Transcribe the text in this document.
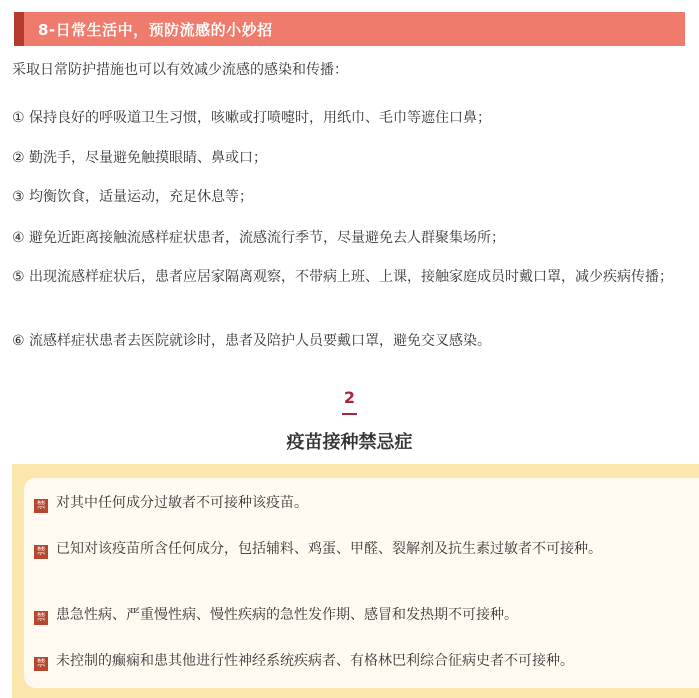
8-日常生活中，预防流感的小妙招

采取日常防护措施也可以有效减少流感的感染和传播：

① 保持良好的呼吸道卫生习惯，咳嗽或打喷嚏时，用纸巾、毛巾等遮住口鼻；

② 勤洗手，尽量避免触摸眼睛、鼻或口；

③ 均衡饮食，适量运动，充足休息等；

④ 避免近距离接触流感样症状患者，流感流行季节，尽量避免去人群聚集场所；

⑤ 出现流感样症状后，患者应居家隔离观察，不带病上班、上课，接触家庭成员时戴口罩，减少疾病传播；

⑥ 流感样症状患者去医院就诊时，患者及陪护人员要戴口罩，避免交叉感染。

2
疫苗接种禁忌症

禁 对其中任何成分过敏者不可接种该疫苗。

禁 已知对该疫苗所含任何成分，包括辅料、鸡蛋、甲醛、裂解剂及抗生素过敏者不可接种。

禁 患急性病、严重慢性病、慢性疾病的急性发作期、感冒和发热期不可接种。

禁 未控制的癫痫和患其他进行性神经系统疾病者、有格林巴利综合征病史者不可接种。
